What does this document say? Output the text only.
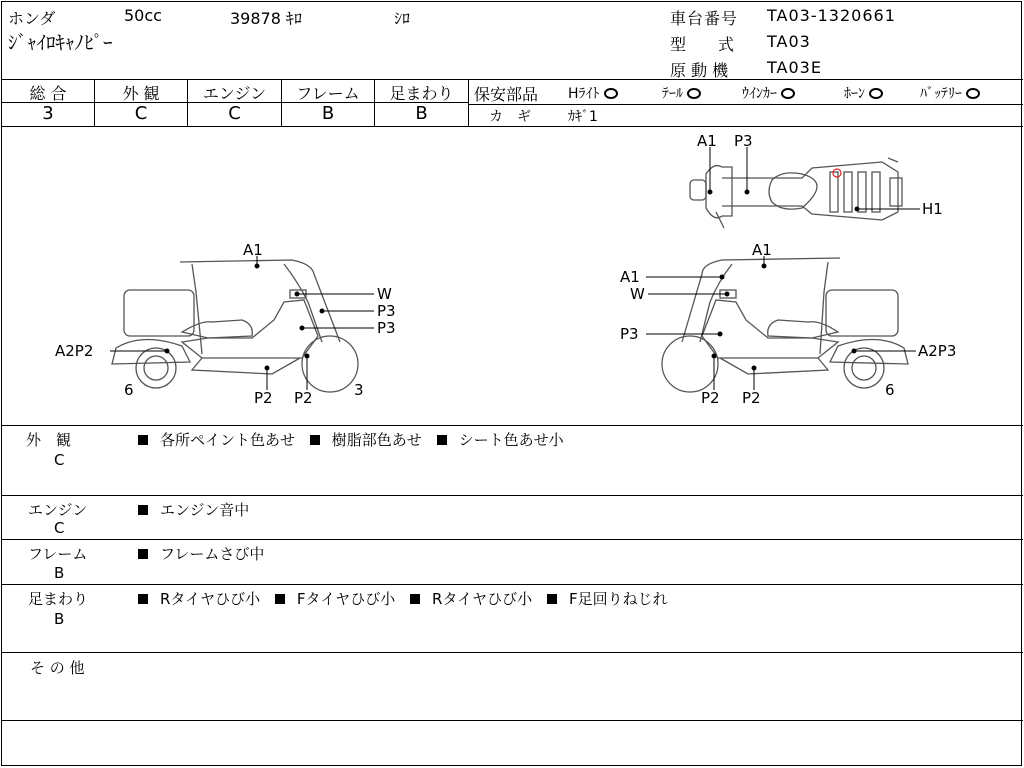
ホンダ	50cc	39878 ｷﾛ	ｼﾛ
ｼﾞｬｲﾛｷｬﾉﾋﾟｰ
車台番号 TA03-1320661
型　　式 TA03
原 動 機 TA03E
総 合	外 観	エンジン	フレーム	足まわり
3	C	C	B	B
保安部品 Hﾗｲﾄ	ﾃｰﾙ	ｳｲﾝｶｰ	ﾎｰﾝ	ﾊﾞｯﾃﾘｰ
カ　ギ	ｶｷﾞ1
A1 P3
H1
A1
W
P3
P3
A2P2
6	P2 P2	3
A1
A1
W
P3
A2P3
6
P2 P2
外　観
C
各所ペイント色あせ 樹脂部色あせ シート色あせ小
エンジン
C
エンジン音中
フレーム
B
フレームさび中
足まわり
B
Rタイヤひび小 Fタイヤひび小 Rタイヤひび小 F足回りねじれ
そ の 他
